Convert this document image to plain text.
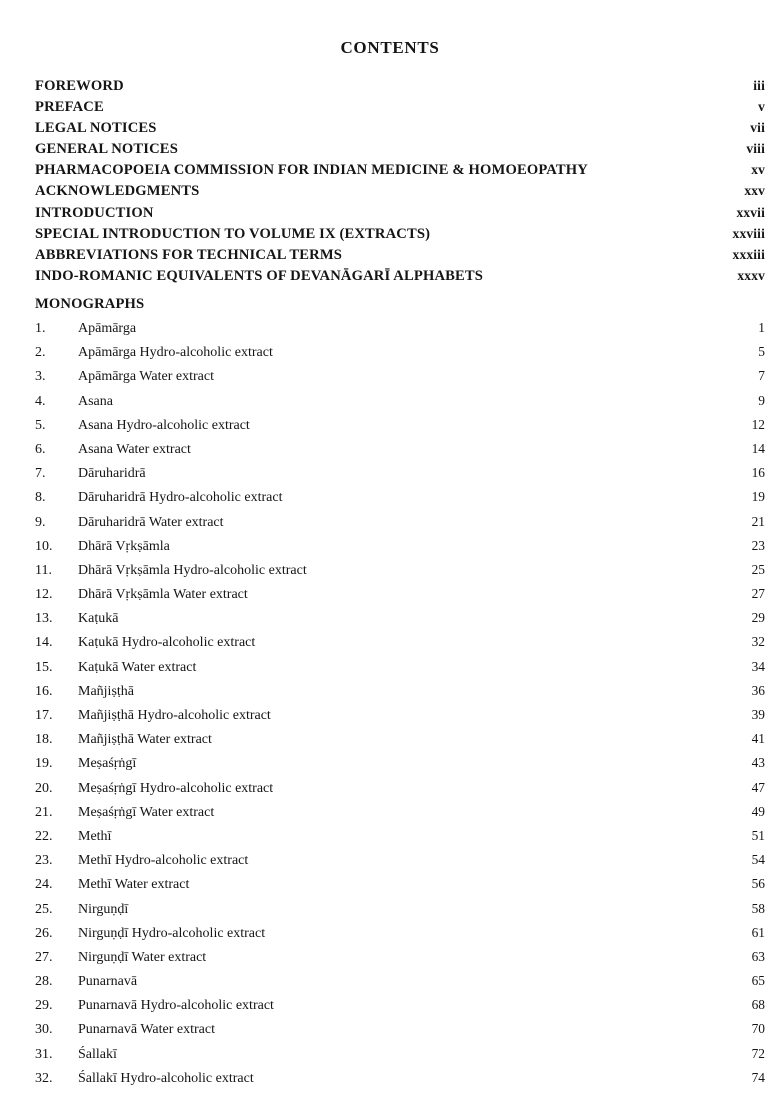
CONTENTS
FOREWORD	iii
PREFACE	v
LEGAL NOTICES	vii
GENERAL NOTICES	viii
PHARMACOPOEIA COMMISSION FOR INDIAN MEDICINE & HOMOEOPATHY	xv
ACKNOWLEDGMENTS	xxv
INTRODUCTION	xxvii
SPECIAL INTRODUCTION TO VOLUME IX (EXTRACTS)	xxviii
ABBREVIATIONS FOR TECHNICAL TERMS	xxxiii
INDO-ROMANIC EQUIVALENTS OF DEVANĀGARĪ ALPHABETS	xxxv
MONOGRAPHS
1.	Apāmārga	1
2.	Apāmārga Hydro-alcoholic extract	5
3.	Apāmārga Water extract	7
4.	Asana	9
5.	Asana Hydro-alcoholic extract	12
6.	Asana Water extract	14
7.	Dāruharidrā	16
8.	Dāruharidrā Hydro-alcoholic extract	19
9.	Dāruharidrā Water extract	21
10.	Dhārā Vṛkṣāmla	23
11.	Dhārā Vṛkṣāmla Hydro-alcoholic extract	25
12.	Dhārā Vṛkṣāmla Water extract	27
13.	Kaṭukā	29
14.	Kaṭukā Hydro-alcoholic extract	32
15.	Kaṭukā Water extract	34
16.	Mañjiṣṭhā	36
17.	Mañjiṣṭhā Hydro-alcoholic extract	39
18.	Mañjiṣṭhā Water extract	41
19.	Meṣaśṛṅgī	43
20.	Meṣaśṛṅgī Hydro-alcoholic extract	47
21.	Meṣaśṛṅgī Water extract	49
22.	Methī	51
23.	Methī Hydro-alcoholic extract	54
24.	Methī Water extract	56
25.	Nirguṇḍī	58
26.	Nirguṇḍī Hydro-alcoholic extract	61
27.	Nirguṇḍī Water extract	63
28.	Punarnavā	65
29.	Punarnavā Hydro-alcoholic extract	68
30.	Punarnavā Water extract	70
31.	Śallakī	72
32.	Śallakī Hydro-alcoholic extract	74
